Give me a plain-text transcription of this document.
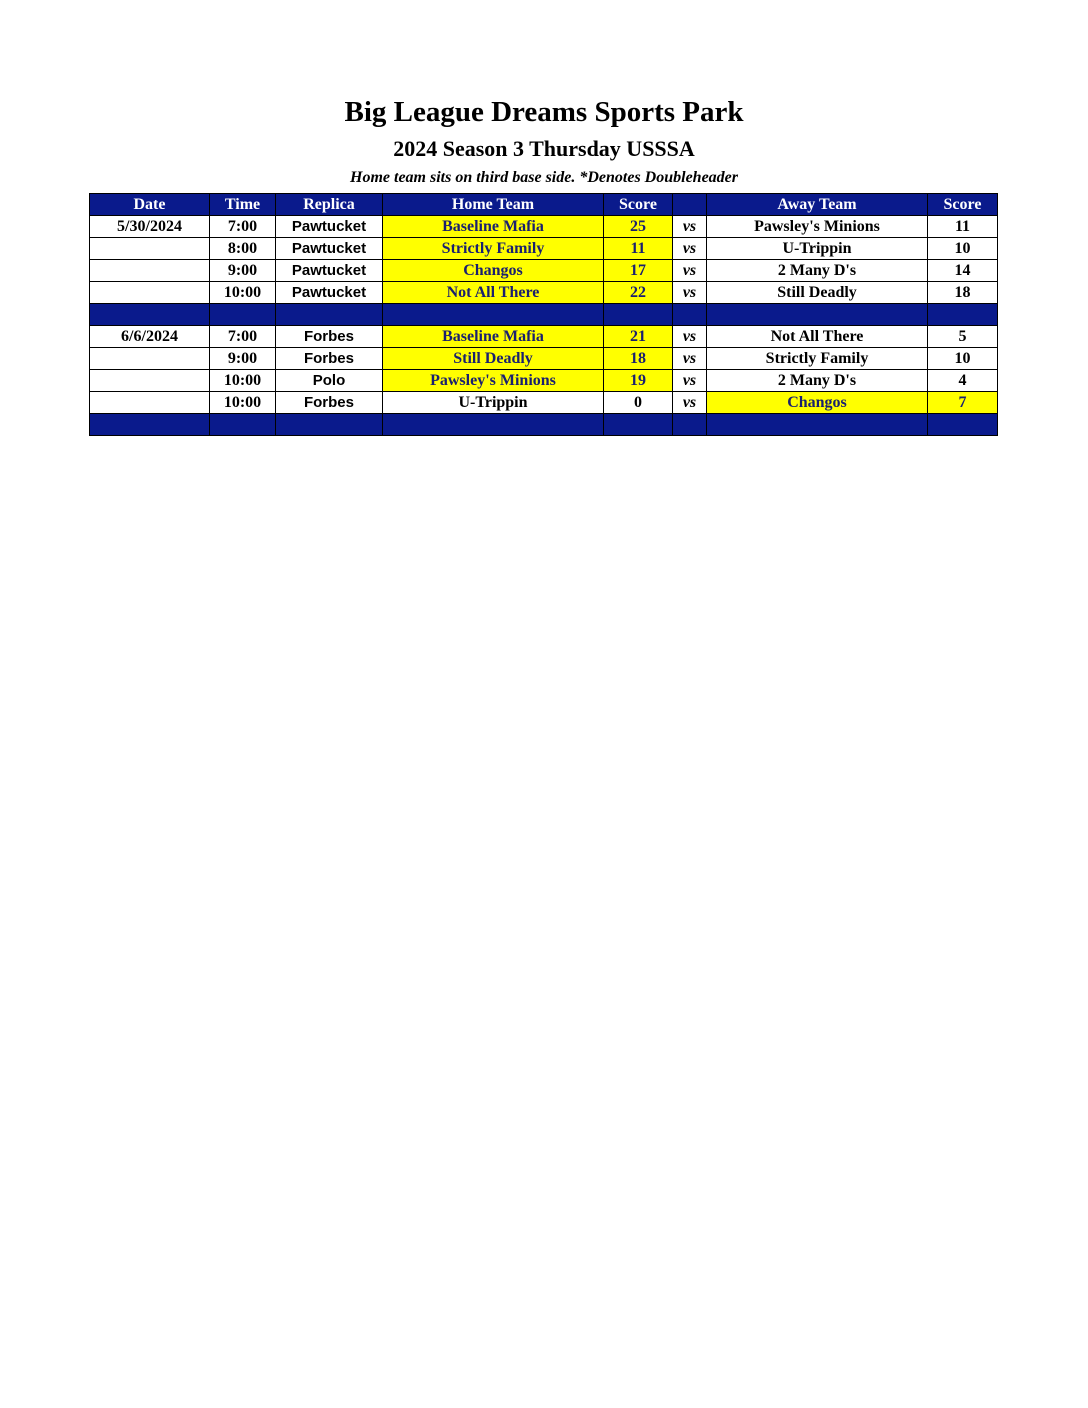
Big League Dreams Sports Park
2024 Season 3 Thursday USSSA
Home team sits on third base side. *Denotes Doubleheader
Date	Time	Replica	Home Team	Score		Away Team	Score
5/30/2024	7:00	Pawtucket	Baseline Mafia	25	vs	Pawsley's Minions	11
	8:00	Pawtucket	Strictly Family	11	vs	U-Trippin	10
	9:00	Pawtucket	Changos	17	vs	2 Many D's	14
	10:00	Pawtucket	Not All There	22	vs	Still Deadly	18

6/6/2024	7:00	Forbes	Baseline Mafia	21	vs	Not All There	5
	9:00	Forbes	Still Deadly	18	vs	Strictly Family	10
	10:00	Polo	Pawsley's Minions	19	vs	2 Many D's	4
	10:00	Forbes	U-Trippin	0	vs	Changos	7
